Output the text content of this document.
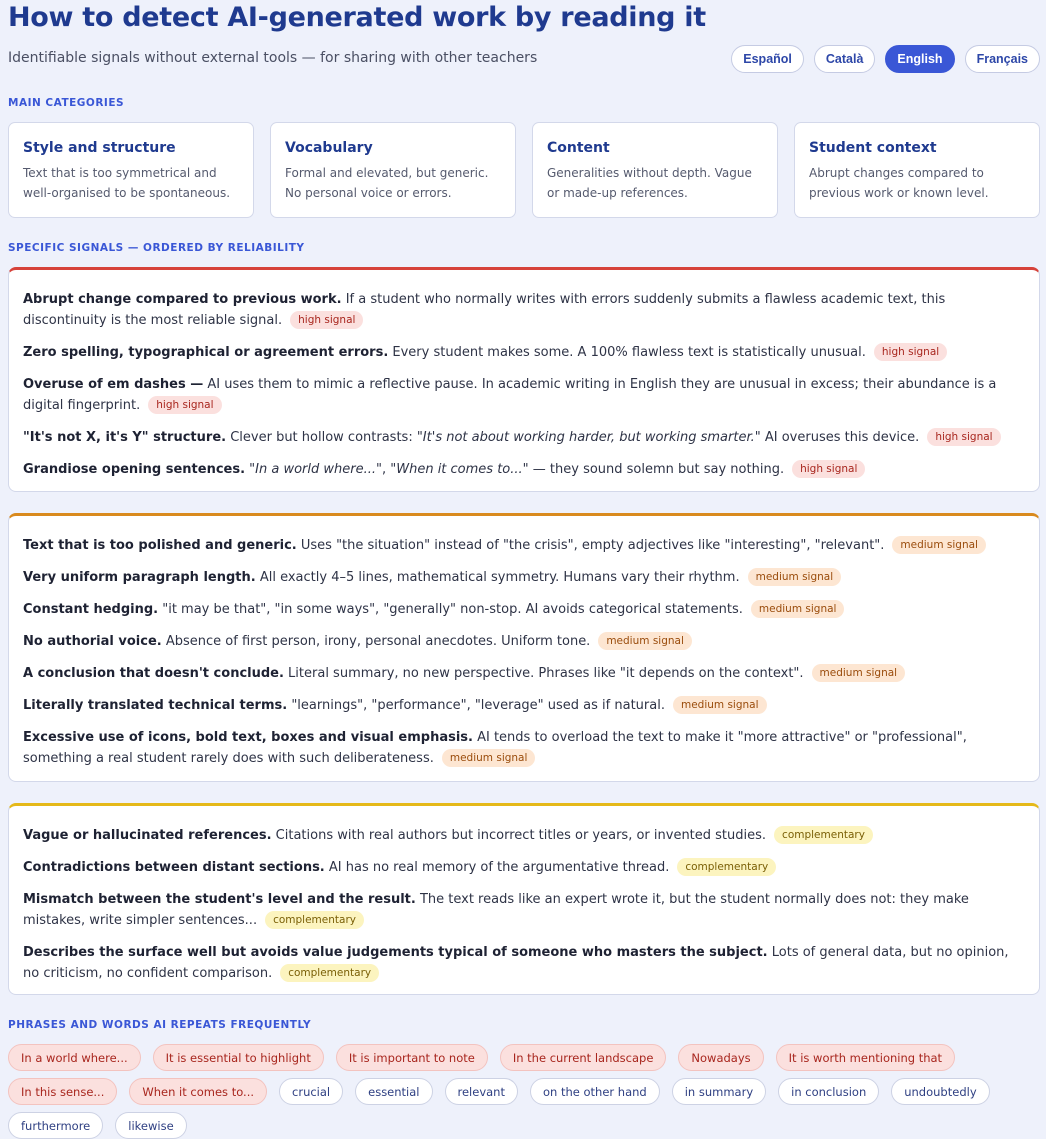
How to detect AI-generated work by reading it

Identifiable signals without external tools — for sharing with other teachers	Español	Català	English	Français
MAIN CATEGORIES
Style and structure
Text that is too symmetrical and well-organised to be spontaneous.
Vocabulary
Formal and elevated, but generic. No personal voice or errors.
Content
Generalities without depth. Vague or made-up references.
Student context
Abrupt changes compared to previous work or known level.
SPECIFIC SIGNALS — ORDERED BY RELIABILITY

Abrupt change compared to previous work. If a student who normally writes with errors suddenly submits a flawless academic text, this discontinuity is the most reliable signal. high signal

Zero spelling, typographical or agreement errors. Every student makes some. A 100% flawless text is statistically unusual. high signal

Overuse of em dashes — AI uses them to mimic a reflective pause. In academic writing in English they are unusual in excess; their abundance is a digital fingerprint. high signal

"It's not X, it's Y" structure. Clever but hollow contrasts: "It's not about working harder, but working smarter." AI overuses this device. high signal

Grandiose opening sentences. "In a world where...", "When it comes to..." — they sound solemn but say nothing. high signal

Text that is too polished and generic. Uses "the situation" instead of "the crisis", empty adjectives like "interesting", "relevant". medium signal

Very uniform paragraph length. All exactly 4–5 lines, mathematical symmetry. Humans vary their rhythm. medium signal

Constant hedging. "it may be that", "in some ways", "generally" non-stop. AI avoids categorical statements. medium signal

No authorial voice. Absence of first person, irony, personal anecdotes. Uniform tone. medium signal

A conclusion that doesn't conclude. Literal summary, no new perspective. Phrases like "it depends on the context". medium signal

Literally translated technical terms. "learnings", "performance", "leverage" used as if natural. medium signal

Excessive use of icons, bold text, boxes and visual emphasis. AI tends to overload the text to make it "more attractive" or "professional", something a real student rarely does with such deliberateness. medium signal

Vague or hallucinated references. Citations with real authors but incorrect titles or years, or invented studies. complementary

Contradictions between distant sections. AI has no real memory of the argumentative thread. complementary

Mismatch between the student's level and the result. The text reads like an expert wrote it, but the student normally does not: they make mistakes, write simpler sentences... complementary

Describes the surface well but avoids value judgements typical of someone who masters the subject. Lots of general data, but no opinion, no criticism, no confident comparison. complementary

PHRASES AND WORDS AI REPEATS FREQUENTLY
In a world where...	It is essential to highlight	It is important to note	In the current landscape	Nowadays	It is worth mentioning that
In this sense...	When it comes to...	crucial	essential	relevant	on the other hand	in summary	in conclusion	undoubtedly
furthermore	likewise
